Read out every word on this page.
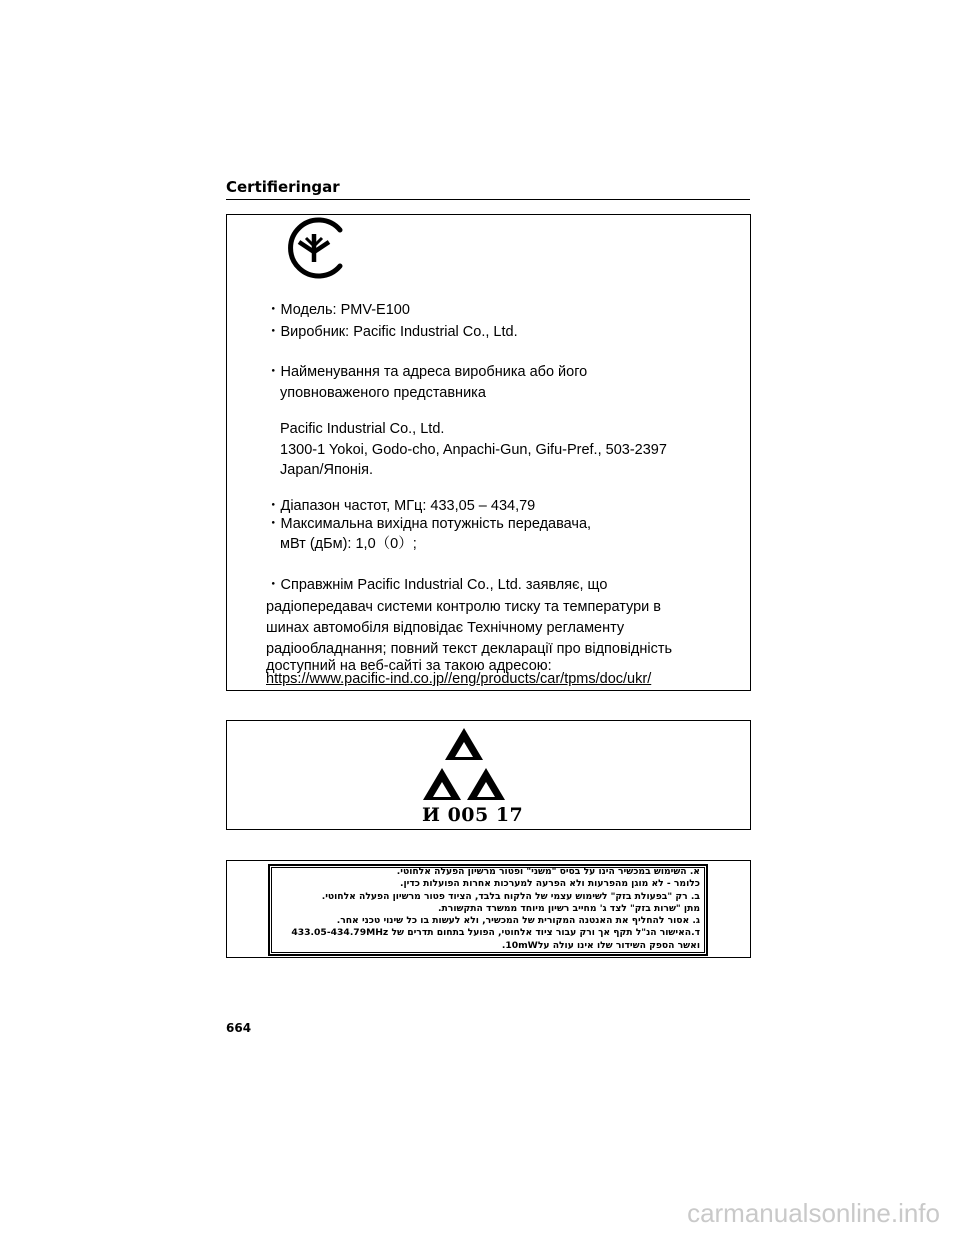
Certifieringar
・Модель: PMV-E100
・Виробник: Pacific Industrial Co., Ltd.
・Найменування та адреса виробника або його
уповноваженого представника
Pacific Industrial Co., Ltd.
1300-1 Yokoi, Godo-cho, Anpachi-Gun, Gifu-Pref., 503-2397
Japan/Японія.
・Діапазон частот, МГц: 433,05 – 434,79
・Максимальна вихідна потужність передавача,
мВт (дБм): 1,0（0）;
・Справжнім Pacific Industrial Co., Ltd. заявляє, що
радіопередавач системи контролю тиску та температури в
шинах автомобіля відповідає Технічному регламенту
радіообладнання; повний текст декларації про відповідність
доступний на веб-сайті за такою адресою:
https://www.pacific-ind.co.jp//eng/products/car/tpms/doc/ukr/
И 005 17
א. השימוש במכשיר הינו על בסיס "משני" ופטור מרשיון הפעלה אלחוטי.
כלומר - לא מוגן מהפרעות ולא הפרעה למערכות אחרות הפועלות כדין.
ב. רק "בפעולת בזק" לשימוש עצמי של הלקוח בלבד, הציוד פטור מרשיון הפעלה אלחוטי.
מתן "שרות בזק" לצד ג' מחייב רשיון מיוחד ממשרד התקשורת.
ג. אסור להחליף את האנטנה המקורית של המכשיר, ולא לעשות בו כל שינוי טכני אחר.
ד.האישור הנ"ל תקף אך ורק עבור ציוד אלחוטי, הפועל בתחום תדרים של 433.05-434.79MHz
ואשר הספק השידור שלו אינו עולה על10mW.
664
carmanualsonline.info
